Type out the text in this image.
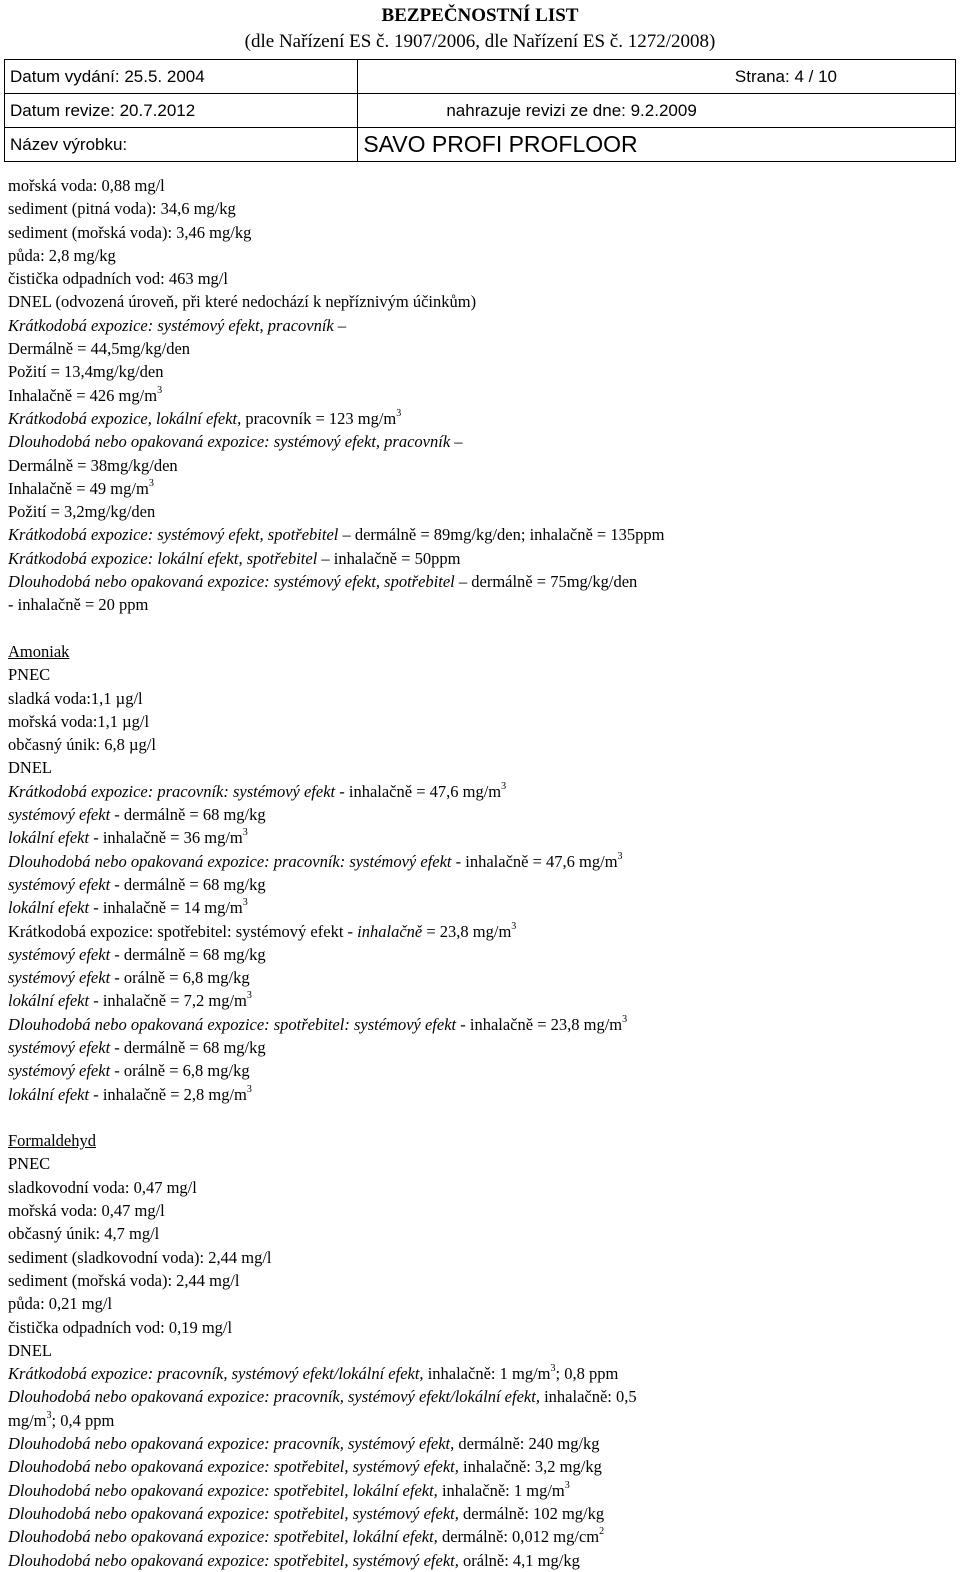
BEZPEČNOSTNÍ LIST
(dle Nařízení ES č. 1907/2006, dle Nařízení ES č. 1272/2008)
Datum vydání: 25.5. 2004	Strana: 4 / 10
Datum revize: 20.7.2012	nahrazuje revizi ze dne: 9.2.2009
Název výrobku:	SAVO PROFI PROFLOOR
mořská voda: 0,88 mg/l
sediment (pitná voda): 34,6 mg/kg
sediment (mořská voda): 3,46 mg/kg
půda: 2,8 mg/kg
čistička odpadních vod: 463 mg/l
DNEL (odvozená úroveň, při které nedochází k nepříznivým účinkům)
Krátkodobá expozice: systémový efekt, pracovník –
Dermálně = 44,5mg/kg/den
Požití = 13,4mg/kg/den
Inhalačně = 426 $mg/m^3$
Krátkodobá expozice, lokální efekt, pracovník = 123 $mg/m^3$
Dlouhodobá nebo opakovaná expozice: systémový efekt, pracovník –
Dermálně = 38mg/kg/den
Inhalačně = 49 $mg/m^3$
Požití = 3,2mg/kg/den
Krátkodobá expozice: systémový efekt, spotřebitel – dermálně = 89mg/kg/den; inhalačně = 135ppm
Krátkodobá expozice: lokální efekt, spotřebitel – inhalačně = 50ppm
Dlouhodobá nebo opakovaná expozice: systémový efekt, spotřebitel – dermálně = 75mg/kg/den
- inhalačně = 20 ppm
Amoniak
PNEC
sladká voda:1,1 µg/l
mořská voda:1,1 µg/l
občasný únik: 6,8 µg/l
DNEL
Krátkodobá expozice: pracovník: systémový efekt - inhalačně = 47,6 $mg/m^3$
systémový efekt - dermálně = 68 mg/kg
lokální efekt - inhalačně = 36 $mg/m^3$
Dlouhodobá nebo opakovaná expozice: pracovník: systémový efekt - inhalačně = 47,6 $mg/m^3$
systémový efekt - dermálně = 68 mg/kg
lokální efekt - inhalačně = 14 $mg/m^3$
Krátkodobá expozice: spotřebitel: systémový efekt - inhalačně = 23,8 $mg/m^3$
systémový efekt - dermálně = 68 mg/kg
systémový efekt - orálně = 6,8 mg/kg
lokální efekt - inhalačně = 7,2 $mg/m^3$
Dlouhodobá nebo opakovaná expozice: spotřebitel: systémový efekt - inhalačně = 23,8 $mg/m^3$
systémový efekt - dermálně = 68 mg/kg
systémový efekt - orálně = 6,8 mg/kg
lokální efekt - inhalačně = 2,8 $mg/m^3$
Formaldehyd
PNEC
sladkovodní voda: 0,47 mg/l
mořská voda: 0,47 mg/l
občasný únik: 4,7 mg/l
sediment (sladkovodní voda): 2,44 mg/l
sediment (mořská voda): 2,44 mg/l
půda: 0,21 mg/l
čistička odpadních vod: 0,19 mg/l
DNEL
Krátkodobá expozice: pracovník, systémový efekt/lokální efekt, inhalačně: 1 $mg/m^3$; 0,8 ppm
Dlouhodobá nebo opakovaná expozice: pracovník, systémový efekt/lokální efekt, inhalačně: 0,5
$mg/m^3$; 0,4 ppm
Dlouhodobá nebo opakovaná expozice: pracovník, systémový efekt, dermálně: 240 mg/kg
Dlouhodobá nebo opakovaná expozice: spotřebitel, systémový efekt, inhalačně: 3,2 mg/kg
Dlouhodobá nebo opakovaná expozice: spotřebitel, lokální efekt, inhalačně: 1 $mg/m^3$
Dlouhodobá nebo opakovaná expozice: spotřebitel, systémový efekt, dermálně: 102 mg/kg
Dlouhodobá nebo opakovaná expozice: spotřebitel, lokální efekt, dermálně: 0,012 $mg/cm^2$
Dlouhodobá nebo opakovaná expozice: spotřebitel, systémový efekt, orálně: 4,1 mg/kg
